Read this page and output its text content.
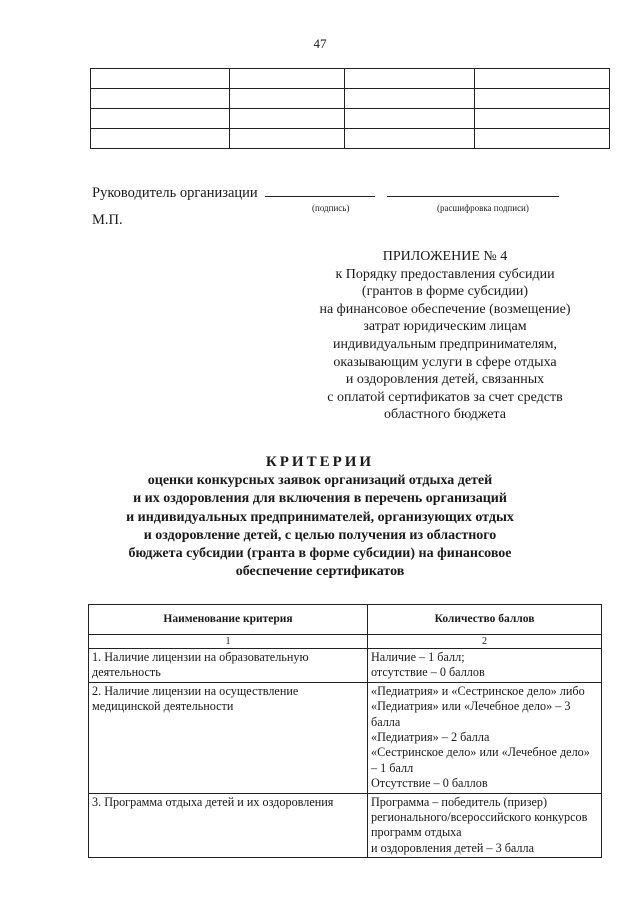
47

Руководитель организации
(подпись)	(расшифровка подписи)
М.П.
ПРИЛОЖЕНИЕ № 4
к Порядку предоставления субсидии
(грантов в форме субсидии)
на финансовое обеспечение (возмещение)
затрат юридическим лицам
индивидуальным предпринимателям,
оказывающим услуги в сфере отдыха
и оздоровления детей, связанных
с оплатой сертификатов за счет средств
областного бюджета
КРИТЕРИИ
оценки конкурсных заявок организаций отдыха детей
и их оздоровления для включения в перечень организаций
и индивидуальных предпринимателей, организующих отдых
и оздоровление детей, с целью получения из областного
бюджета субсидии (гранта в форме субсидии) на финансовое
обеспечение сертификатов
Наименование критерия	Количество баллов
1	2
1. Наличие лицензии на образовательную деятельность	Наличие – 1 балл;
отсутствие – 0 баллов

2. Наличие лицензии на осуществление медицинской деятельности	«Педиатрия» и «Сестринское дело» либо «Педиатрия» или «Лечебное дело» – 3 балла
«Педиатрия» – 2 балла
«Сестринское дело» или «Лечебное дело» – 1 балл
Отсутствие – 0 баллов

3. Программа отдыха детей и их оздоровления	Программа – победитель (призер) регионального/всероссийского конкурсов программ отдыха
и оздоровления детей – 3 балла
